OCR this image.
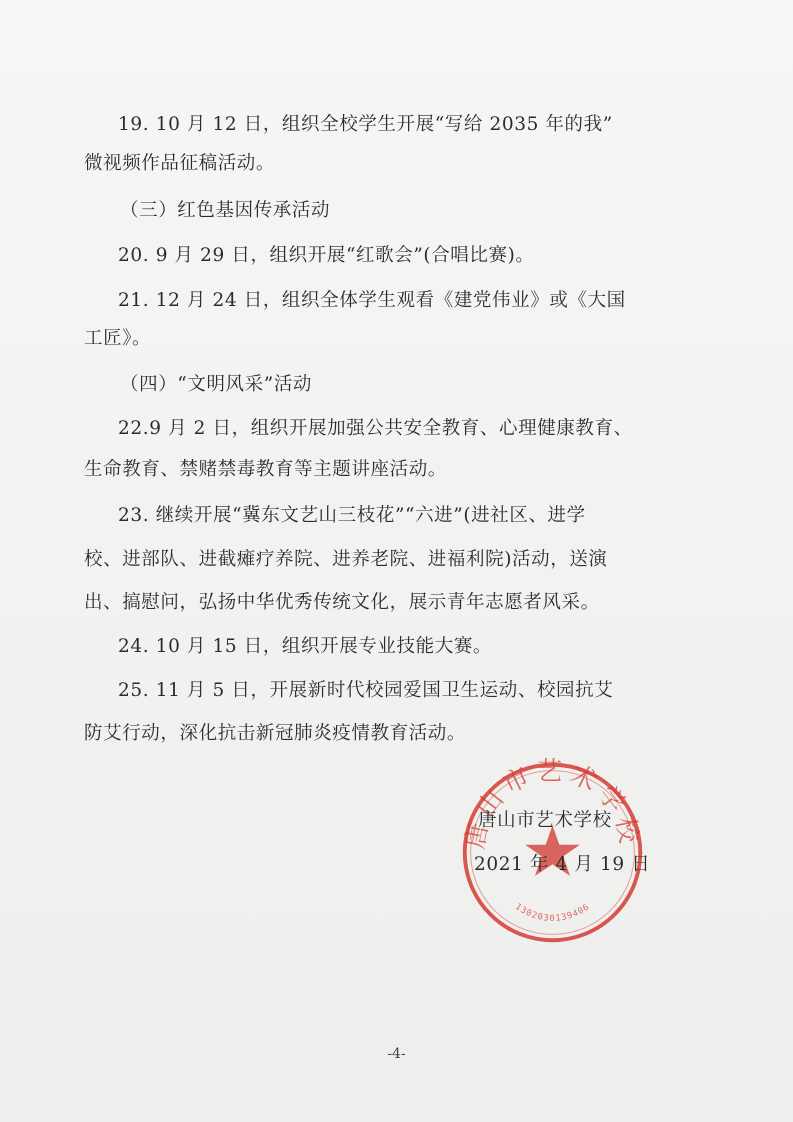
19. 10 月 12 日，组织全校学生开展“写给 2035 年的我”
微视频作品征稿活动。
（三）红色基因传承活动
20. 9 月 29 日，组织开展“红歌会”(合唱比赛)。
21. 12 月 24 日，组织全体学生观看《建党伟业》或《大国
工匠》。
（四）“文明风采”活动
22.9 月 2 日，组织开展加强公共安全教育、心理健康教育、
生命教育、禁赌禁毒教育等主题讲座活动。
23. 继续开展“冀东文艺山三枝花”“六进”(进社区、进学
校、进部队、进截瘫疗养院、进养老院、进福利院)活动，送演
出、搞慰问，弘扬中华优秀传统文化，展示青年志愿者风采。
24. 10 月 15 日，组织开展专业技能大赛。
25. 11 月 5 日，开展新时代校园爱国卫生运动、校园抗艾
防艾行动，深化抗击新冠肺炎疫情教育活动。
唐山市艺术学校
1302030139406
唐山市艺术学校
2021 年 4 月 19 日
-4-
